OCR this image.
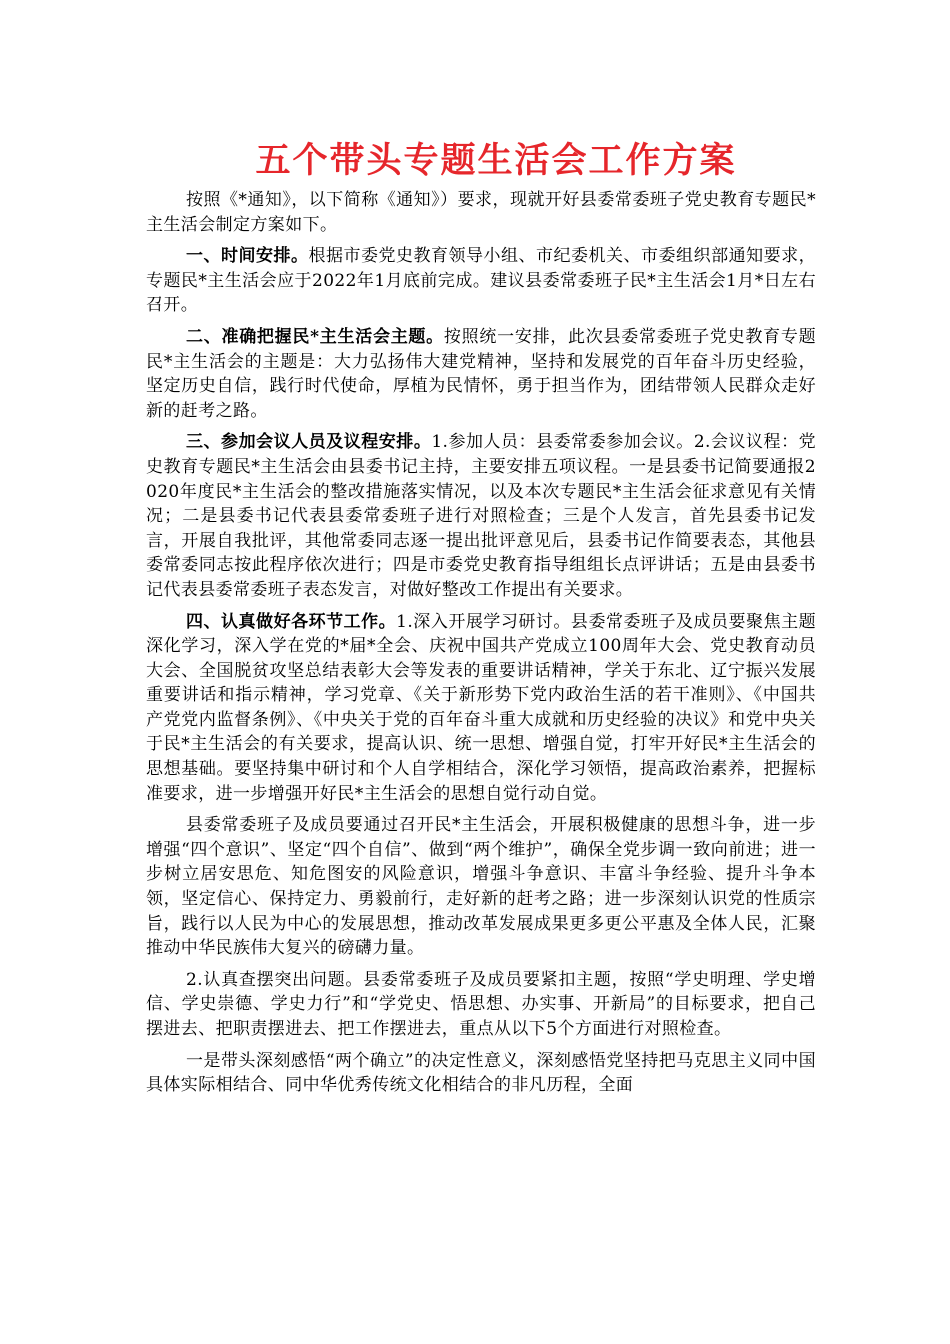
五个带头专题生活会工作方案

按照《*通知》，以下简称《通知》）要求，现就开好县委常委班子党史教育专题民*主生活会制定方案如下。

一、时间安排。根据市委党史教育领导小组、市纪委机关、市委组织部通知要求，专题民*主生活会应于2022年1月底前完成。建议县委常委班子民*主生活会1月*日左右召开。

二、准确把握民*主生活会主题。按照统一安排，此次县委常委班子党史教育专题民*主生活会的主题是：大力弘扬伟大建党精神，坚持和发展党的百年奋斗历史经验，坚定历史自信，践行时代使命，厚植为民情怀，勇于担当作为，团结带领人民群众走好新的赶考之路。

三、参加会议人员及议程安排。1.参加人员：县委常委参加会议。2.会议议程：党史教育专题民*主生活会由县委书记主持，主要安排五项议程。一是县委书记简要通报2020年度民*主生活会的整改措施落实情况，以及本次专题民*主生活会征求意见有关情况；二是县委书记代表县委常委班子进行对照检查；三是个人发言，首先县委书记发言，开展自我批评，其他常委同志逐一提出批评意见后，县委书记作简要表态，其他县委常委同志按此程序依次进行；四是市委党史教育指导组组长点评讲话；五是由县委书记代表县委常委班子表态发言，对做好整改工作提出有关要求。

四、认真做好各环节工作。1.深入开展学习研讨。县委常委班子及成员要聚焦主题深化学习，深入学在党的*届*全会、庆祝中国共产党成立100周年大会、党史教育动员大会、全国脱贫攻坚总结表彰大会等发表的重要讲话精神，学关于东北、辽宁振兴发展重要讲话和指示精神，学习党章、《关于新形势下党内政治生活的若干准则》、《中国共产党党内监督条例》、《中央关于党的百年奋斗重大成就和历史经验的决议》和党中央关于民*主生活会的有关要求，提高认识、统一思想、增强自觉，打牢开好民*主生活会的思想基础。要坚持集中研讨和个人自学相结合，深化学习领悟，提高政治素养，把握标准要求，进一步增强开好民*主生活会的思想自觉行动自觉。

县委常委班子及成员要通过召开民*主生活会，开展积极健康的思想斗争，进一步增强“四个意识”、坚定“四个自信”、做到“两个维护”，确保全党步调一致向前进；进一步树立居安思危、知危图安的风险意识，增强斗争意识、丰富斗争经验、提升斗争本领，坚定信心、保持定力、勇毅前行，走好新的赶考之路；进一步深刻认识党的性质宗旨，践行以人民为中心的发展思想，推动改革发展成果更多更公平惠及全体人民，汇聚推动中华民族伟大复兴的磅礴力量。

2.认真查摆突出问题。县委常委班子及成员要紧扣主题，按照“学史明理、学史增信、学史崇德、学史力行”和“学党史、悟思想、办实事、开新局”的目标要求，把自己摆进去、把职责摆进去、把工作摆进去，重点从以下5个方面进行对照检查。

一是带头深刻感悟“两个确立”的决定性意义，深刻感悟党坚持把马克思主义同中国具体实际相结合、同中华优秀传统文化相结合的非凡历程，全面
